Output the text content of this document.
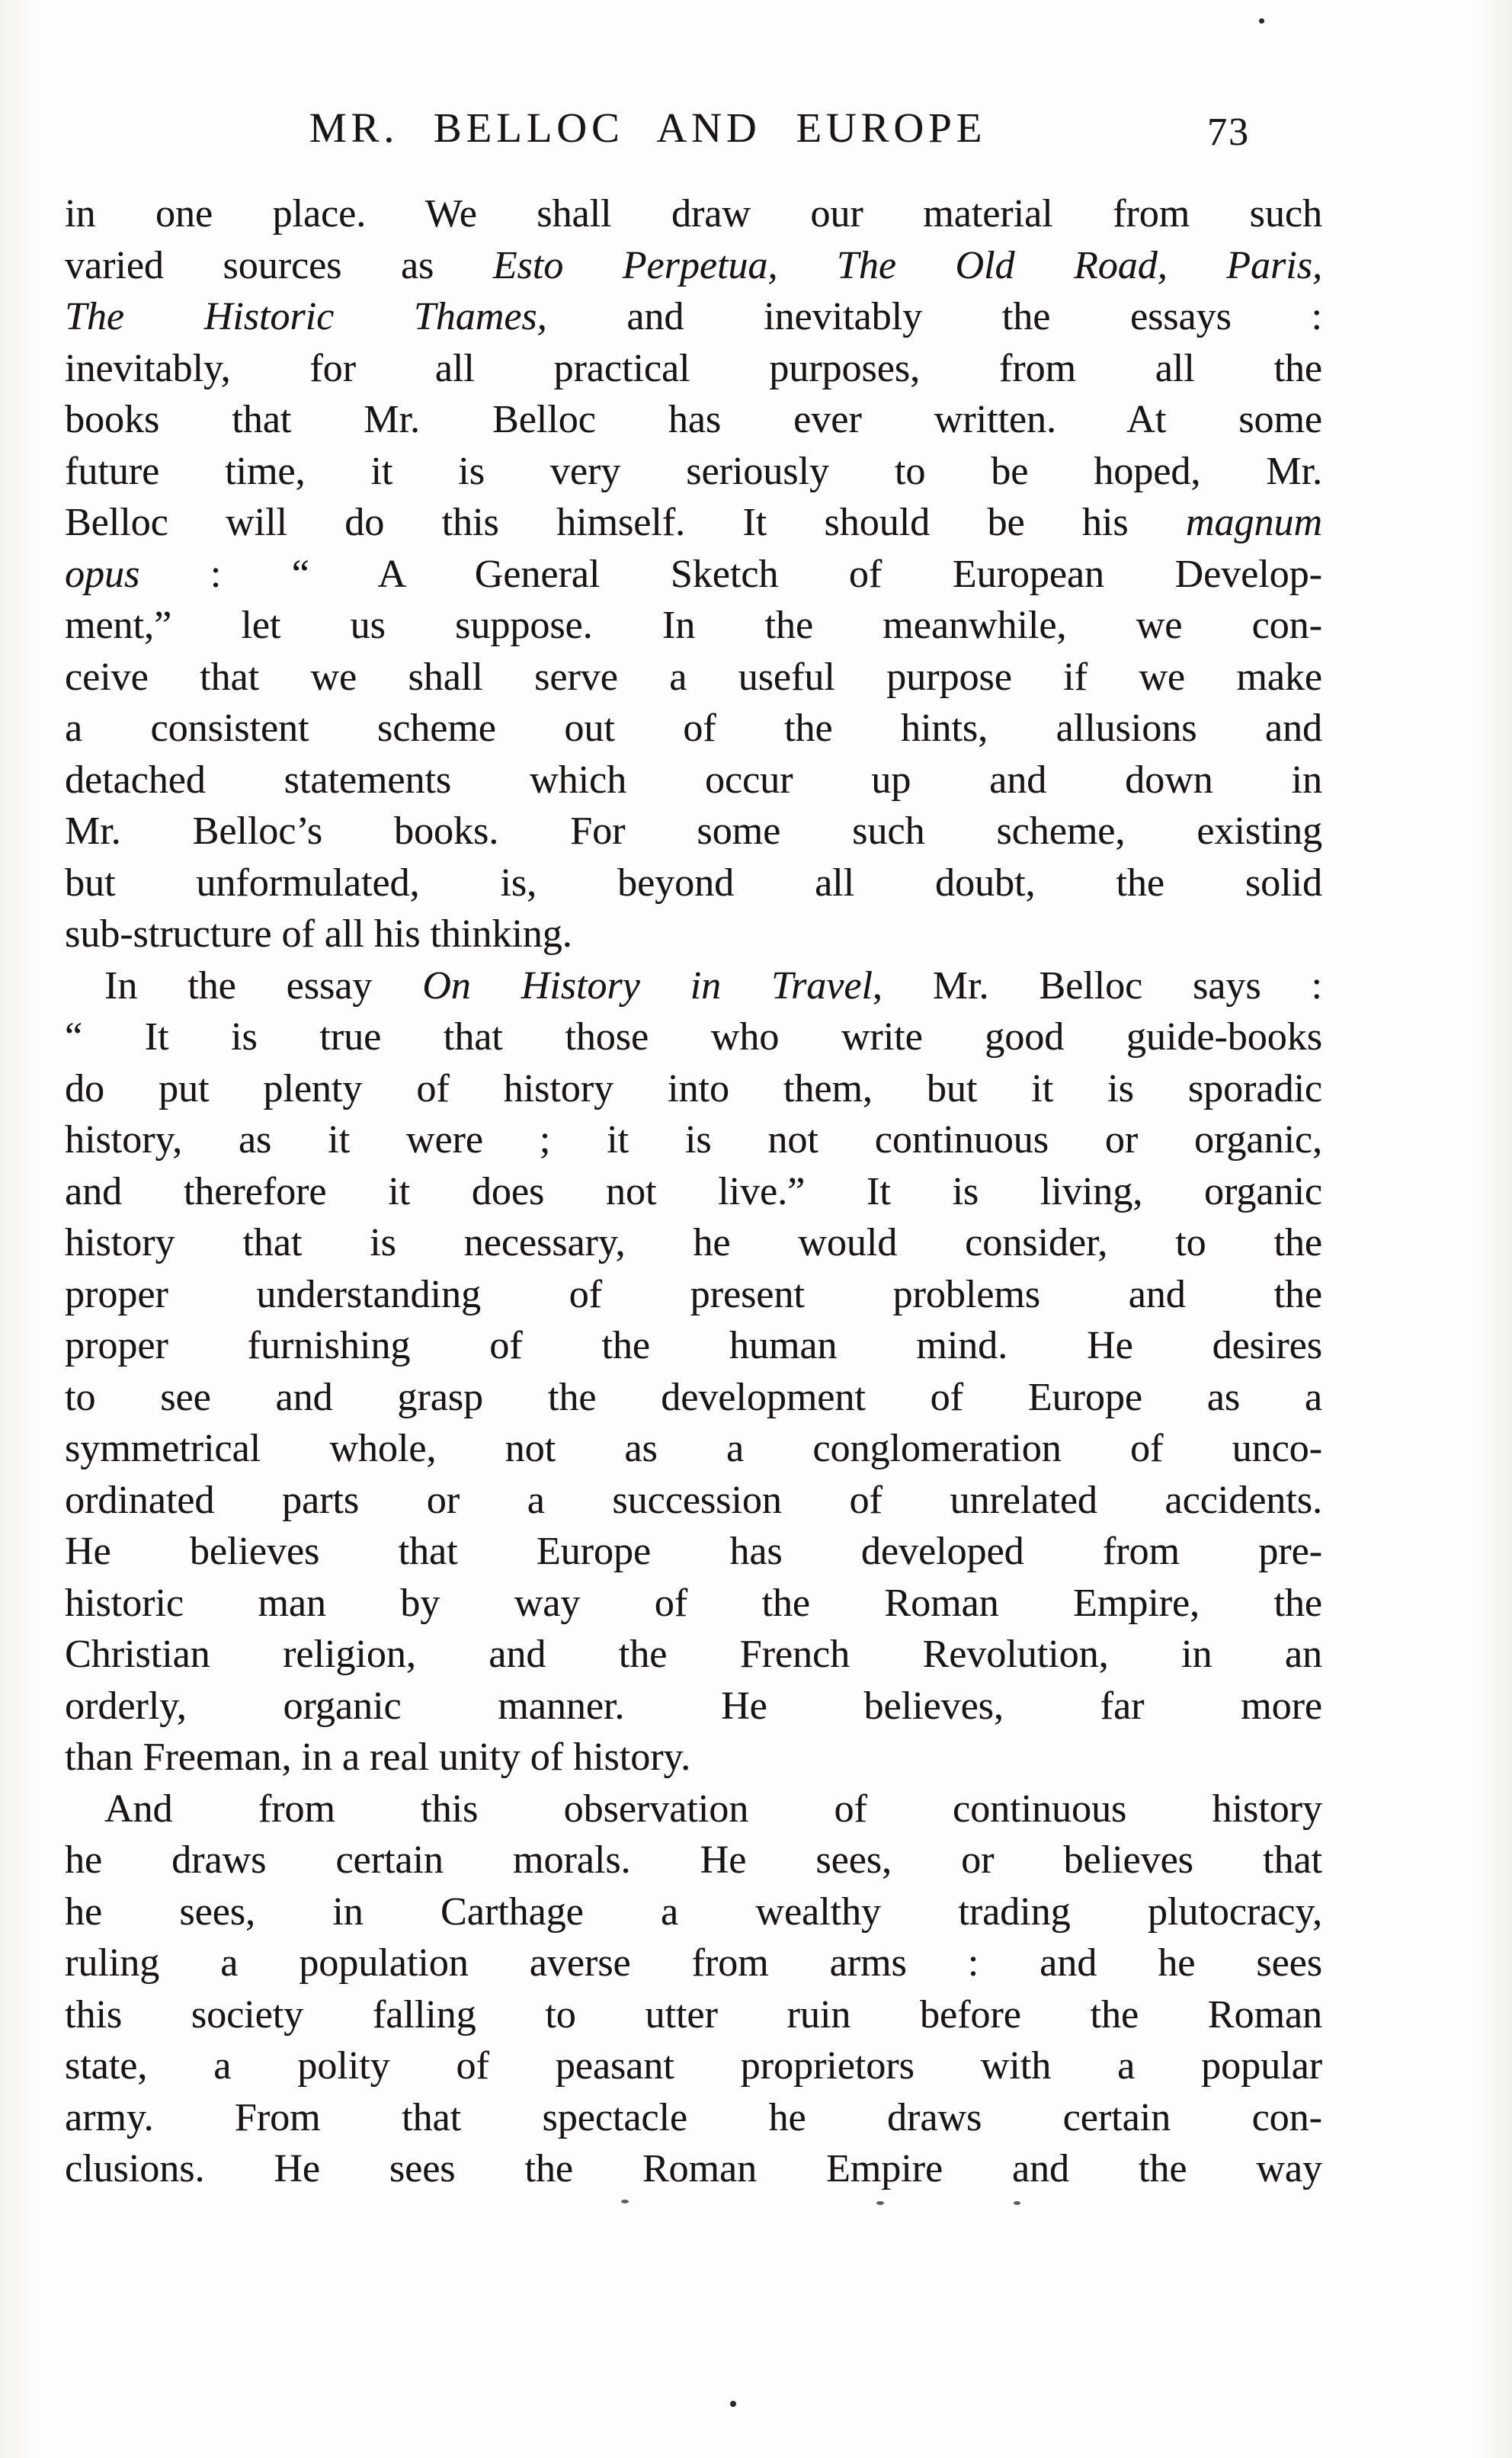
MR. BELLOC AND EUROPE	73
in one place. We shall draw our material from such
varied sources as Esto Perpetua, The Old Road, Paris,
The Historic Thames, and inevitably the essays :
inevitably, for all practical purposes, from all the
books that Mr. Belloc has ever written. At some
future time, it is very seriously to be hoped, Mr.
Belloc will do this himself. It should be his magnum
opus : “ A General Sketch of European Develop-
ment,” let us suppose. In the meanwhile, we con-
ceive that we shall serve a useful purpose if we make
a consistent scheme out of the hints, allusions and
detached statements which occur up and down in
Mr. Belloc’s books. For some such scheme, existing
but unformulated, is, beyond all doubt, the solid
sub-structure of all his thinking.
In the essay On History in Travel, Mr. Belloc says :
“ It is true that those who write good guide-books
do put plenty of history into them, but it is sporadic
history, as it were ; it is not continuous or organic,
and therefore it does not live.” It is living, organic
history that is necessary, he would consider, to the
proper understanding of present problems and the
proper furnishing of the human mind. He desires
to see and grasp the development of Europe as a
symmetrical whole, not as a conglomeration of unco-
ordinated parts or a succession of unrelated accidents.
He believes that Europe has developed from pre-
historic man by way of the Roman Empire, the
Christian religion, and the French Revolution, in an
orderly, organic manner. He believes, far more
than Freeman, in a real unity of history.
And from this observation of continuous history
he draws certain morals. He sees, or believes that
he sees, in Carthage a wealthy trading plutocracy,
ruling a population averse from arms : and he sees
this society falling to utter ruin before the Roman
state, a polity of peasant proprietors with a popular
army. From that spectacle he draws certain con-
clusions. He sees the Roman Empire and the way
